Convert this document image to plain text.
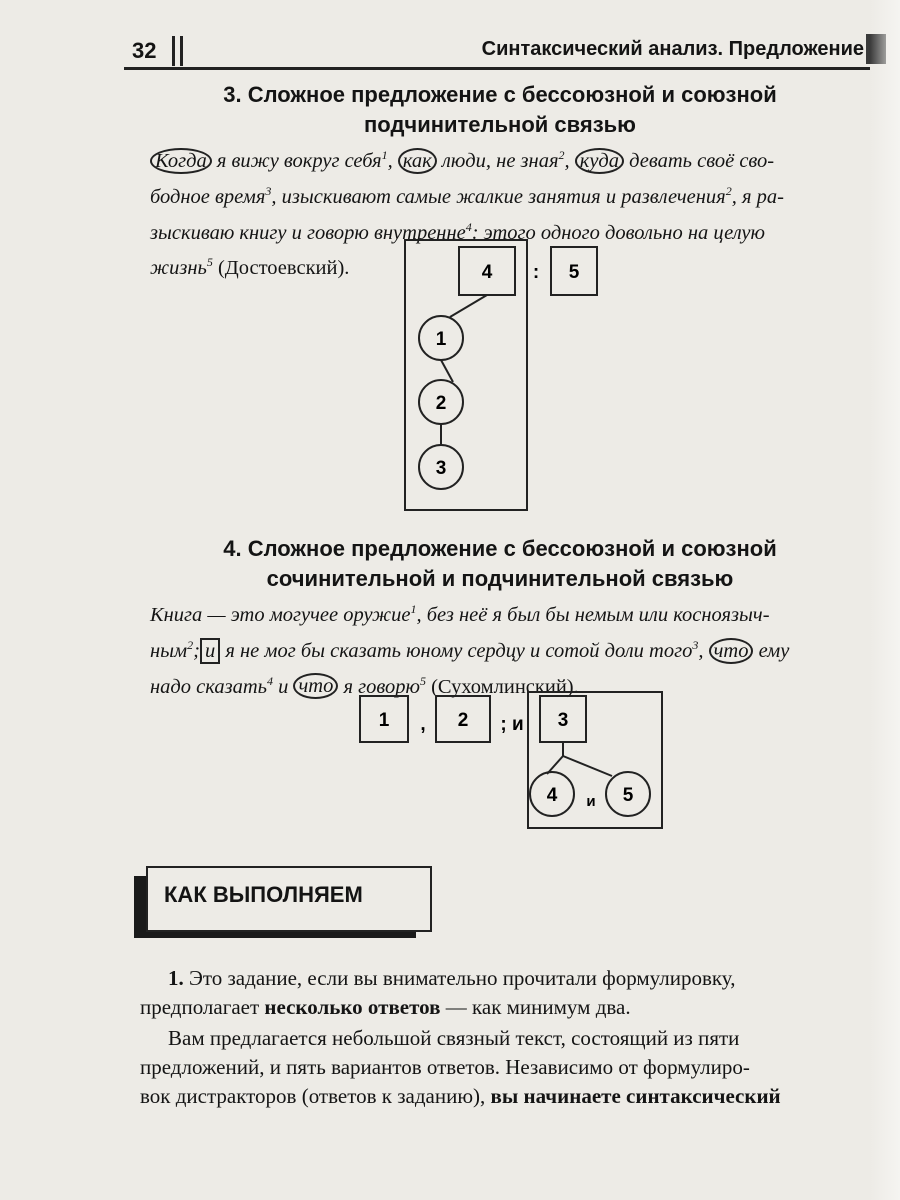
32	Синтаксический анализ. Предложение
3. Сложное предложение с бессоюзной и союзной
подчинительной связью
Когда я вижу вокруг себя$^1$, как люди, не зная$^2$, куда девать своё сво-
бодное время$^3$, изыскивают самые жалкие занятия и развлечения$^2$, я ра-
зыскиваю книгу и говорю внутренне$^4$: этого одного довольно на целую
жизнь$^5$ (Достоевский).	4 : 5
1
2
3
4. Сложное предложение с бессоюзной и союзной
сочинительной и подчинительной связью
Книга — это могучее оружие$^1$, без неё я был бы немым или косноязыч-
ным$^2$; и я не мог бы сказать юному сердцу и сотой доли того$^3$, что ему
надо сказать$^4$ и что я говорю$^5$ (Сухомлинский).
1 , 2 ; и 3
4 и 5
КАК ВЫПОЛНЯЕМ
1. Это задание, если вы внимательно прочитали формулировку,
предполагает несколько ответов — как минимум два.
Вам предлагается небольшой связный текст, состоящий из пяти
предложений, и пять вариантов ответов. Независимо от формулиро-
вок дистракторов (ответов к заданию), вы начинаете синтаксический
